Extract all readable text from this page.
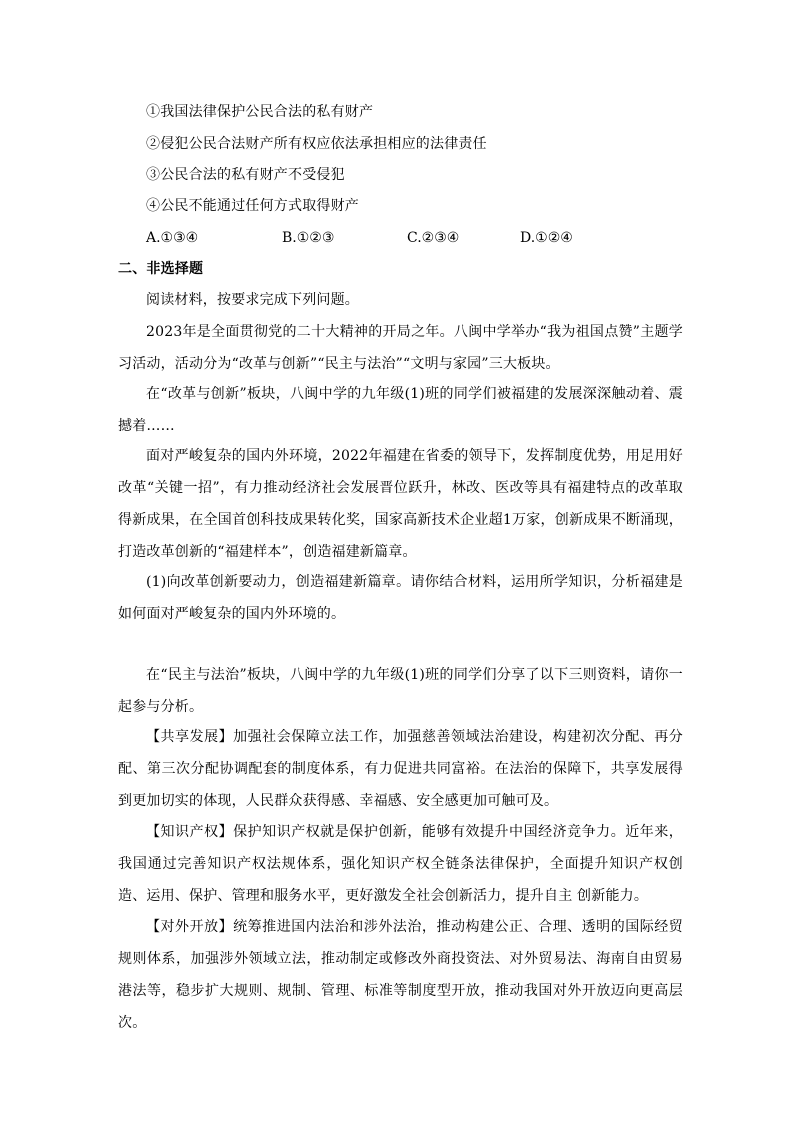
①我国法律保护公民合法的私有财产
②侵犯公民合法财产所有权应依法承担相应的法律责任
③公民合法的私有财产不受侵犯
④公民不能通过任何方式取得财产
A.①③④	B.①②③	C.②③④	D.①②④
二、非选择题
阅读材料，按要求完成下列问题。
2023年是全面贯彻党的二十大精神的开局之年。八闽中学举办“我为祖国点赞”主题学习活动，活动分为“改革与创新”“民主与法治”“文明与家园”三大板块。
在“改革与创新”板块，八闽中学的九年级(1)班的同学们被福建的发展深深触动着、震撼着……
面对严峻复杂的国内外环境，2022年福建在省委的领导下，发挥制度优势，用足用好改革“关键一招”，有力推动经济社会发展晋位跃升，林改、医改等具有福建特点的改革取得新成果，在全国首创科技成果转化奖，国家高新技术企业超1万家，创新成果不断涌现，打造改革创新的“福建样本”，创造福建新篇章。
(1)向改革创新要动力，创造福建新篇章。请你结合材料，运用所学知识，分析福建是如何面对严峻复杂的国内外环境的。
在“民主与法治”板块，八闽中学的九年级(1)班的同学们分享了以下三则资料，请你一起参与分析。
【共享发展】加强社会保障立法工作，加强慈善领域法治建设，构建初次分配、再分配、第三次分配协调配套的制度体系，有力促进共同富裕。在法治的保障下，共享发展得到更加切实的体现，人民群众获得感、幸福感、安全感更加可触可及。
【知识产权】保护知识产权就是保护创新，能够有效提升中国经济竞争力。近年来，我国通过完善知识产权法规体系，强化知识产权全链条法律保护，全面提升知识产权创造、运用、保护、管理和服务水平，更好激发全社会创新活力，提升自主 创新能力。
【对外开放】统筹推进国内法治和涉外法治，推动构建公正、合理、透明的国际经贸规则体系，加强涉外领域立法，推动制定或修改外商投资法、对外贸易法、海南自由贸易港法等，稳步扩大规则、规制、管理、标准等制度型开放，推动我国对外开放迈向更高层次。
